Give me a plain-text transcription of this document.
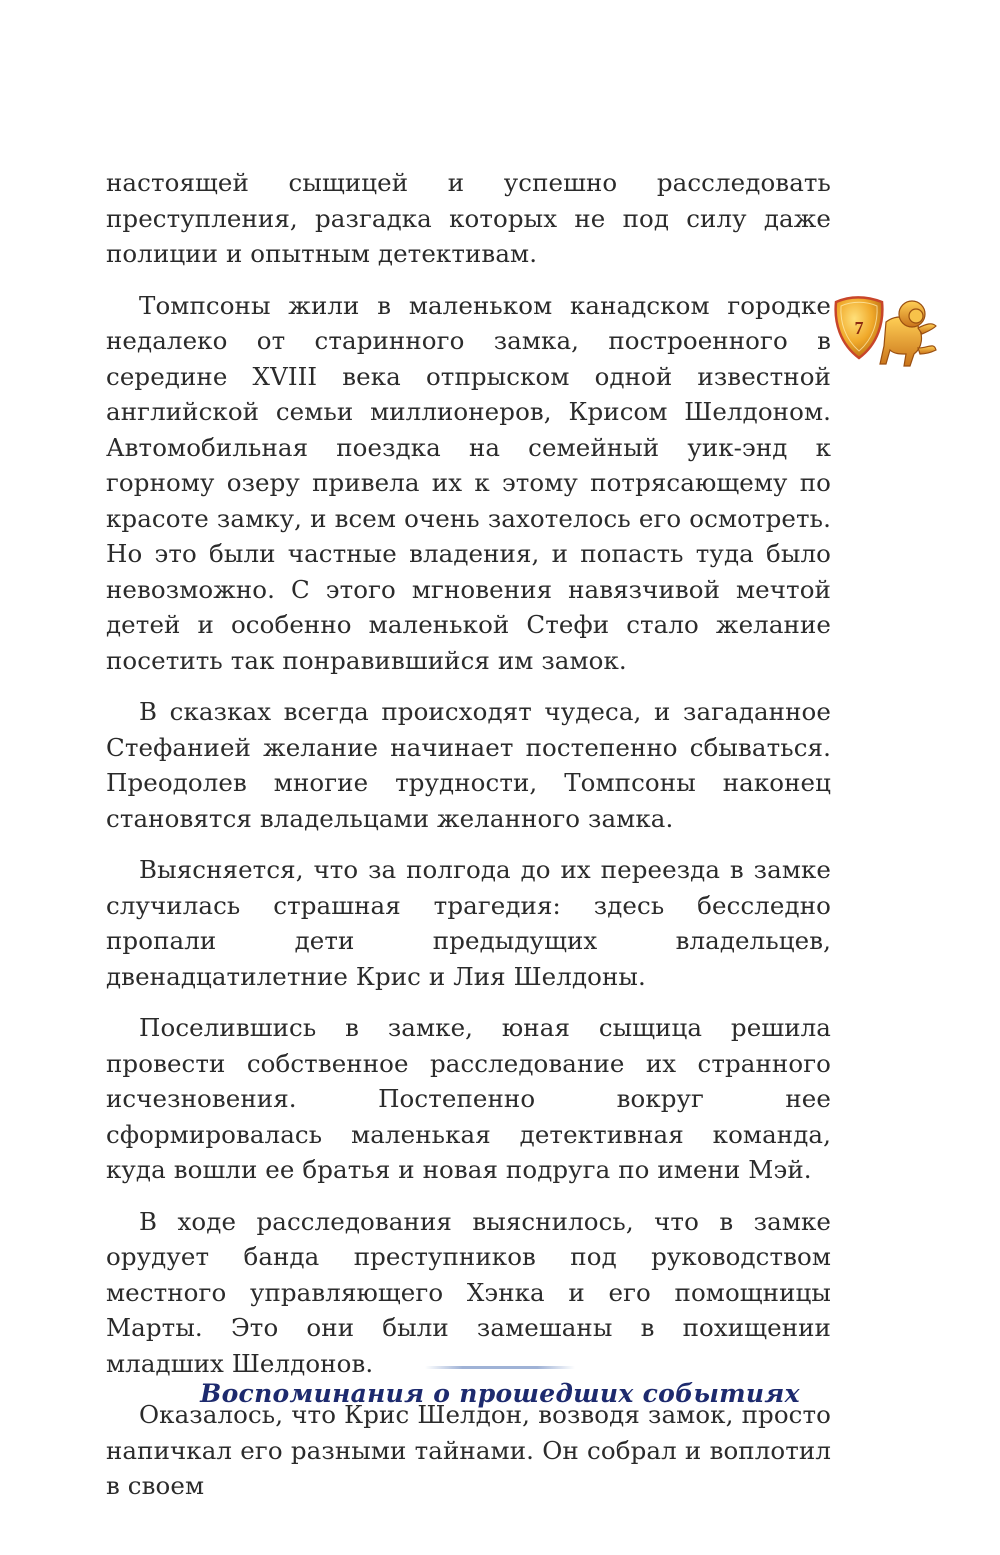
настоящей сыщицей и успешно расследовать преступления, разгадка которых не под силу даже полиции и опытным детективам.

Томпсоны жили в маленьком канадском городке недалеко от старинного замка, построенного в середине XVIII века отпрыском одной известной английской семьи миллионеров, Крисом Шелдоном. Автомобильная поездка на семейный уик-энд к горному озеру привела их к этому потрясающему по красоте замку, и всем очень захотелось его осмотреть. Но это были частные владения, и попасть туда было невозможно. С этого мгновения навязчивой мечтой детей и особенно маленькой Стефи стало желание посетить так понравившийся им замок.

В сказках всегда происходят чудеса, и загаданное Стефанией желание начинает постепенно сбываться. Преодолев многие трудности, Томпсоны наконец становятся владельцами желанного замка.

Выясняется, что за полгода до их переезда в замке случилась страшная трагедия: здесь бесследно пропали дети предыдущих владельцев, двенадцатилетние Крис и Лия Шелдоны.

Поселившись в замке, юная сыщица решила провести собственное расследование их странного исчезновения. Постепенно вокруг нее сформировалась маленькая детективная команда, куда вошли ее братья и новая подруга по имени Мэй.

В ходе расследования выяснилось, что в замке орудует банда преступников под руководством местного управляющего Хэнка и его помощницы Марты. Это они были замешаны в похищении младших Шелдонов.

Оказалось, что Крис Шелдон, возводя замок, просто напичкал его разными тайнами. Он собрал и воплотил в своем

7
Воспоминания о прошедших событиях
